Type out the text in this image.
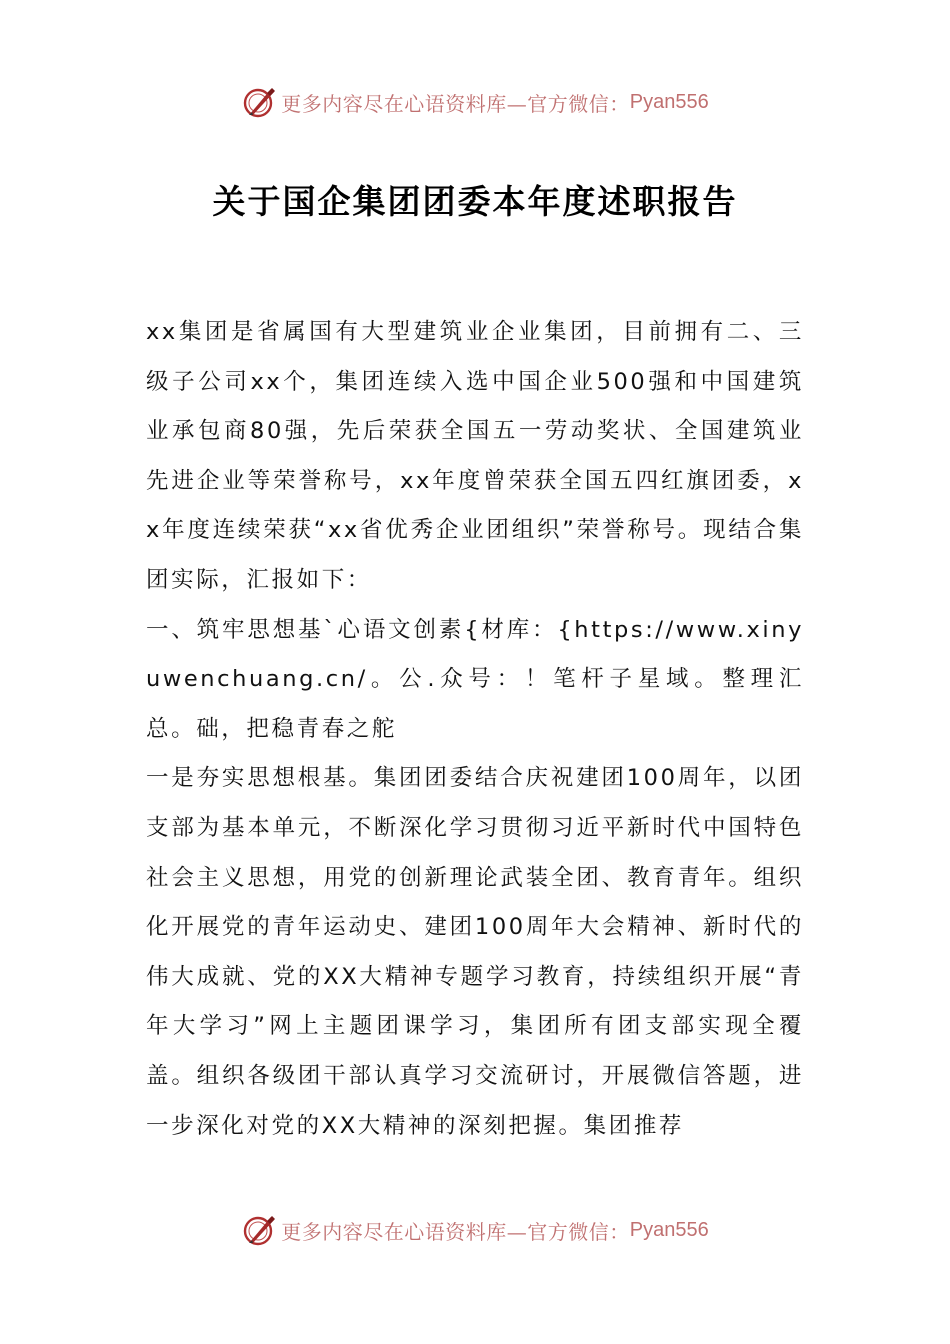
更多内容尽在心语资料库—官方微信： Pyan556
关于国企集团团委本年度述职报告

xx集团是省属国有大型建筑业企业集团，目前拥有二、三级子公司xx个，集团连续入选中国企业500强和中国建筑业承包商80强，先后荣获全国五一劳动奖状、全国建筑业先进企业等荣誉称号，xx年度曾荣获全国五四红旗团委，xx年度连续荣获“xx省优秀企业团组织”荣誉称号。现结合集团实际，汇报如下：

一、筑牢思想基`心语文创素{材库：{https://www.xinyuwenchuang.cn/。公.众号：！笔杆子星域。整理汇总。础，把稳青春之舵

一是夯实思想根基。集团团委结合庆祝建团100周年，以团支部为基本单元，不断深化学习贯彻习近平新时代中国特色社会主义思想，用党的创新理论武装全团、教育青年。组织化开展党的青年运动史、建团100周年大会精神、新时代的伟大成就、党的XX大精神专题学习教育，持续组织开展“青年大学习”网上主题团课学习，集团所有团支部实现全覆盖。组织各级团干部认真学习交流研讨，开展微信答题，进一步深化对党的XX大精神的深刻把握。集团推荐

更多内容尽在心语资料库—官方微信： Pyan556
